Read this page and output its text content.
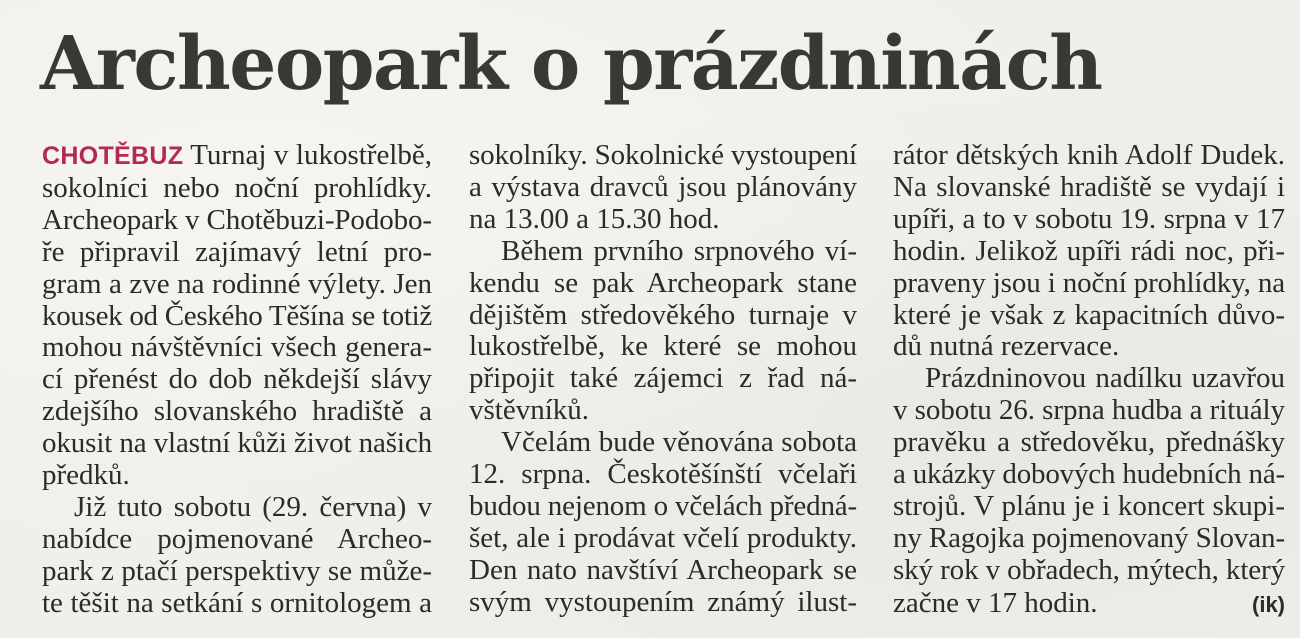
Archeopark o prázdninách

CHOTĚBUZ Turnaj v lukostřelbě,
sokolníci nebo noční prohlídky.
Archeopark v Chotěbuzi-Podobo-
ře připravil zajímavý letní pro-
gram a zve na rodinné výlety. Jen
kousek od Českého Těšína se totiž
mohou návštěvníci všech genera-
cí přenést do dob někdejší slávy
zdejšího slovanského hradiště a
okusit na vlastní kůži život našich
předků.

Již tuto sobotu (29. června) v
nabídce pojmenované Archeo-
park z ptačí perspektivy se může-
te těšit na setkání s ornitologem a

sokolníky. Sokolnické vystoupení
a výstava dravců jsou plánovány
na 13.00 a 15.30 hod.

Během prvního srpnového ví-
kendu se pak Archeopark stane
dějištěm středověkého turnaje v
lukostřelbě, ke které se mohou
připojit také zájemci z řad ná-
vštěvníků.

Včelám bude věnována sobota
12. srpna. Českotěšínští včelaři
budou nejenom o včelách předná-
šet, ale i prodávat včelí produkty.
Den nato navštíví Archeopark se
svým vystoupením známý ilust-

rátor dětských knih Adolf Dudek.
Na slovanské hradiště se vydají i
upíři, a to v sobotu 19. srpna v 17
hodin. Jelikož upíři rádi noc, při-
praveny jsou i noční prohlídky, na
které je však z kapacitních důvo-
dů nutná rezervace.

Prázdninovou nadílku uzavřou
v sobotu 26. srpna hudba a rituály
pravěku a středověku, přednášky
a ukázky dobových hudebních ná-
strojů. V plánu je i koncert skupi-
ny Ragojka pojmenovaný Slovan-
ský rok v obřadech, mýtech, který
začne v 17 hodin.	(ik)
